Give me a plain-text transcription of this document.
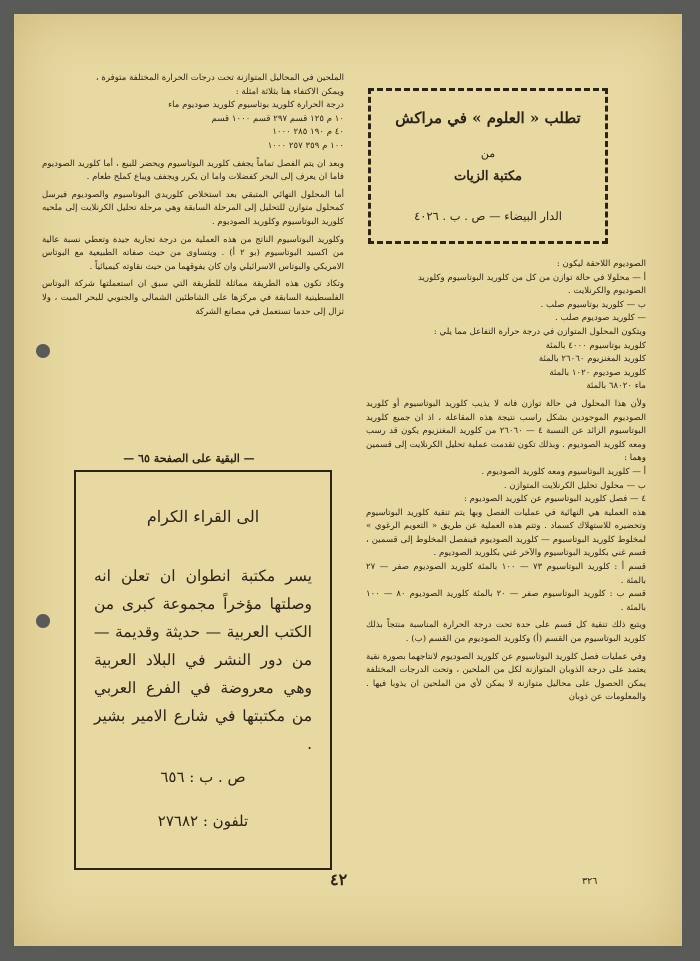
تطلب « العلوم » في مراكش
من
مكتبة الزيات
الدار البيضاء — ص . ب . ٤٠٢٦

الصوديوم اللاحقة ليكون :

أ — محلولا في حالة توازن من كل من كلوريد البوتاسيوم وكلوريد

الصوديوم والكرنلايت .

ب — كلوريد بوتاسيوم صلب .

— كلوريد صوديوم صلب .

ويتكون المحلول المتوازن في درجة حرارة التفاعل مما يلي :

كلوريد بوتاسيوم ٤٠٠٠ بالمئة

كلوريد المغنزيوم ٢٦٠٦٠ بالمئة

كلوريد صوديوم ١٠٢٠ بالمئة

ماء ٦٨٠٢٠ بالمئة

ولأن هذا المحلول في حالة توازن فانه لا يذيب كلوريد البوتاسيوم أو كلوريد الصوديوم الموجودين بشكل راسب نتيجة هذه المقاعلة ، اذ ان جميع كلوريد البوتاسيوم الزائد عن النسبة ٤ — ٢٦٠٦٠ من كلوريد المغنزيوم يكون قد رسب ومعه كلوريد الصوديوم . وبذلك تكون تقدمت عملية تحليل الكرنلايت إلى قسمين وهما :

أ — كلوريد البوتاسيوم ومعه كلوريد الصوديوم .

ب — محلول تحليل الكرنلايت المتوازن .

٤ — فصل كلوريد البوتاسيوم عن كلوريد الصوديوم :

هذه العملية هي النهائية في عمليات الفصل وبها يتم تنقية كلوريد البوتاسيوم وتحضيره للاستهلاك كسماد . وتتم هذه العملية عن طريق « التعويم الرغوي » لمخلوط كلوريد البوتاسيوم — كلوريد الصوديوم فينفصل المخلوط إلى قسمين ، قسم غني بكلوريد البوتاسيوم والآخر غني بكلوريد الصوديوم .

قسم أ : كلوريد البوتاسيوم ٧٣ — ١٠٠ بالمئة كلوريد الصوديوم صفر — ٢٧ بالمئة .

قسم ب : كلوريد البوتاسيوم صفر — ٢٠ بالمئة كلوريد الصوديوم ٨٠ — ١٠٠ بالمئة .

ويتبع ذلك تنقية كل قسم على حدة تحت درجة الحرارة المناسبة منتجاً بذلك كلوريد البوتاسيوم من القسم (أ) وكلوريد الصوديوم من القسم (ب) .

وفي عمليات فصل كلوريد البوتاسيوم عن كلوريد الصوديوم لانتاجهما بصورة نقية يعتمد على درجة الذوبان المتوازنة لكل من الملحين ، وتحت الدرجات المختلفة يمكن الحصول على محاليل متوازنة لا يمكن لأي من الملحين ان يذوبا فيها . والمعلومات عن ذوبان

الملحين في المحاليل المتوازنة تحت درجات الحرارة المختلفة متوفرة ،

ويمكن الاكتفاء هنا بثلاثة امثلة :

درجة الحرارة كلوريد بوتاسيوم كلوريد صوديوم ماء

١٠ م ١٢٥ قسم ٢٩٧ قسم ١٠٠٠ قسم

٤٠ م ١٩٠ ٢٨٥ ١٠٠٠

١٠٠ م ٣٥٩ ٢٥٧ ١٠٠٠

وبعد ان يتم الفصل تماماً يجفف كلوريد البوتاسيوم ويحضر للبيع ، أما كلوريد الصوديوم فاما ان يعرف إلى البحر كفضلات واما ان يكرر ويجفف ويباع كملح طعام .

أما المحلول النهائي المتبقي بعد استخلاص كلوريدي البوتاسيوم والصوديوم فيرسل كمحلول متوازن للتحليل إلى المرحلة السابقة وهي مرحلة تحليل الكرنلايت إلى ملحيه كلوريد البوتاسيوم وكلوريد الصوديوم .

وكلوريد البوتاسيوم الناتج من هذه العملية من درجة تجارية جيدة وتعطي نسبة عالية من اكسيد البوتاسيوم (بو ٢ أ) . ويتساوى من حيث صفاته الطبيعية مع البوتاس الامريكي والبوتاس الاسرائيلي وان كان يفوقهما من حيث نقاوته كيميائياً .

وتكاد تكون هذه الطريقة مماثلة للطريقة التي سبق ان استعملتها شركة البوتاس الفلسطينية السابقة في مركزها على الشاطئين الشمالي والجنوبي للبحر الميت ، ولا تزال إلى حدما تستعمل في مصانع الشركة

— البقية على الصفحة ٦٥ —
الى القراء الكرام
يسر مكتبة انطوان ان تعلن انه وصلتها مؤخراً مجموعة كبرى من الكتب العربية — حديثة وقديمة — من دور النشر في البلاد العربية وهي معروضة في الفرع العربي من مكتبتها في شارع الامير بشير .
ص . ب : ٦٥٦
تلفون : ٢٧٦٨٢
٤٢	٣٢٦
